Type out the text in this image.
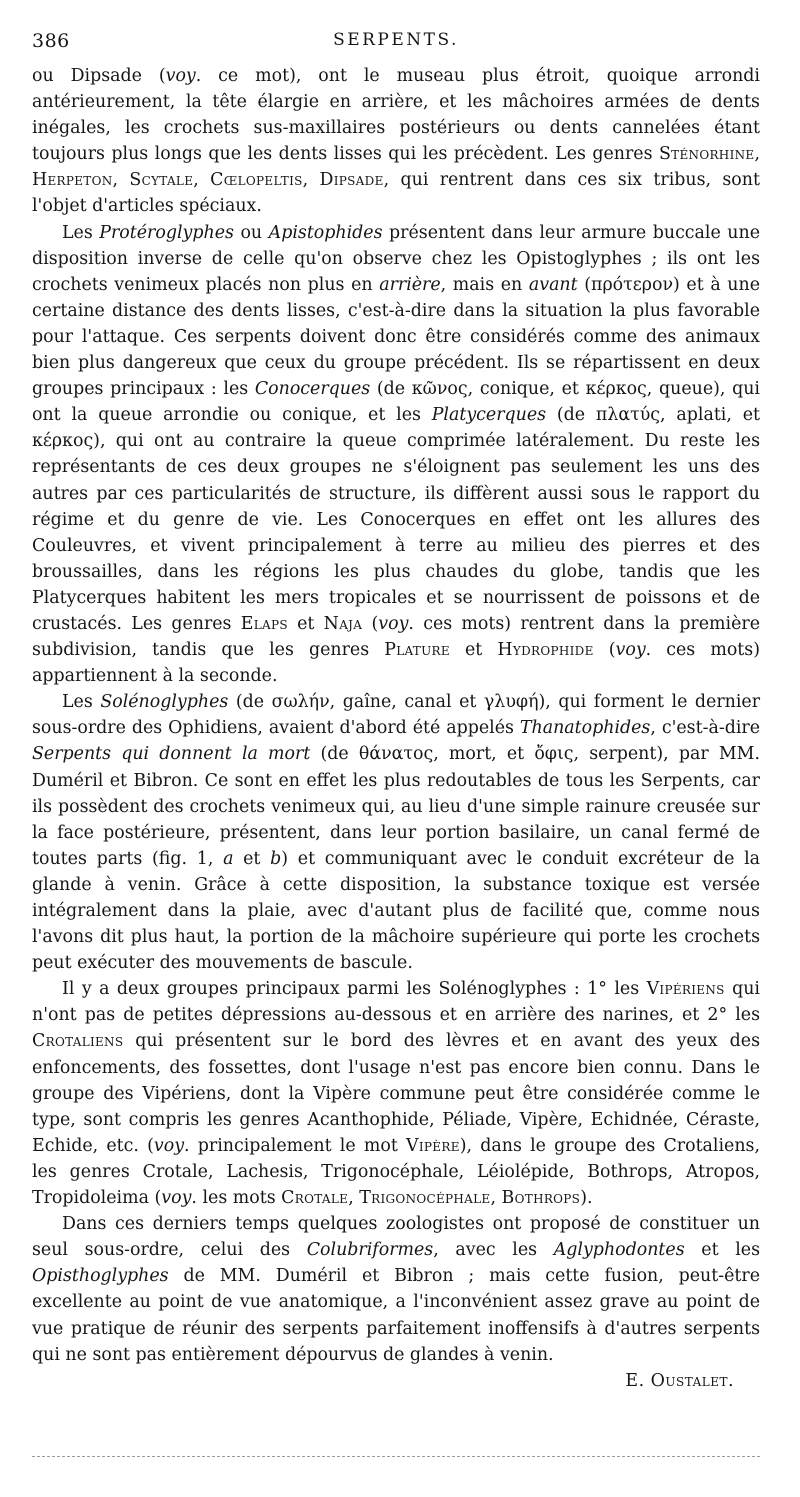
386	SERPENTS.

ou Dipsade (voy. ce mot), ont le museau plus étroit, quoique arrondi antérieurement, la tête élargie en arrière, et les mâchoires armées de dents inégales, les crochets sus-maxillaires postérieurs ou dents cannelées étant toujours plus longs que les dents lisses qui les précèdent. Les genres Sténorhine, Herpeton, Scytale, Cœlopeltis, Dipsade, qui rentrent dans ces six tribus, sont l'objet d'articles spéciaux.

Les Protéroglyphes ou Apistophides présentent dans leur armure buccale une disposition inverse de celle qu'on observe chez les Opistoglyphes ; ils ont les crochets venimeux placés non plus en arrière, mais en avant (πρότερον) et à une certaine distance des dents lisses, c'est-à-dire dans la situation la plus favorable pour l'attaque. Ces serpents doivent donc être considérés comme des animaux bien plus dangereux que ceux du groupe précédent. Ils se répartissent en deux groupes principaux : les Conocerques (de κῶνος, conique, et κέρκος, queue), qui ont la queue arrondie ou conique, et les Platycerques (de πλατύς, aplati, et κέρκος), qui ont au contraire la queue comprimée latéralement. Du reste les représentants de ces deux groupes ne s'éloignent pas seulement les uns des autres par ces particularités de structure, ils diffèrent aussi sous le rapport du régime et du genre de vie. Les Conocerques en effet ont les allures des Couleuvres, et vivent principalement à terre au milieu des pierres et des broussailles, dans les régions les plus chaudes du globe, tandis que les Platycerques habitent les mers tropicales et se nourrissent de poissons et de crustacés. Les genres Elaps et Naja (voy. ces mots) rentrent dans la première subdivision, tandis que les genres Plature et Hydrophide (voy. ces mots) appartiennent à la seconde.

Les Solénoglyphes (de σωλήν, gaîne, canal et γλυφή), qui forment le dernier sous-ordre des Ophidiens, avaient d'abord été appelés Thanatophides, c'est-à-dire Serpents qui donnent la mort (de θάνατος, mort, et ὄφις, serpent), par MM. Duméril et Bibron. Ce sont en effet les plus redoutables de tous les Serpents, car ils possèdent des crochets venimeux qui, au lieu d'une simple rainure creusée sur la face postérieure, présentent, dans leur portion basilaire, un canal fermé de toutes parts (fig. 1, a et b) et communiquant avec le conduit excréteur de la glande à venin. Grâce à cette disposition, la substance toxique est versée intégralement dans la plaie, avec d'autant plus de facilité que, comme nous l'avons dit plus haut, la portion de la mâchoire supérieure qui porte les crochets peut exécuter des mouvements de bascule.

Il y a deux groupes principaux parmi les Solénoglyphes : 1° les Vipériens qui n'ont pas de petites dépressions au-dessous et en arrière des narines, et 2° les Crotaliens qui présentent sur le bord des lèvres et en avant des yeux des enfoncements, des fossettes, dont l'usage n'est pas encore bien connu. Dans le groupe des Vipériens, dont la Vipère commune peut être considérée comme le type, sont compris les genres Acanthophide, Péliade, Vipère, Echidnée, Céraste, Echide, etc. (voy. principalement le mot Vipère), dans le groupe des Crotaliens, les genres Crotale, Lachesis, Trigonocéphale, Léiolépide, Bothrops, Atropos, Tropidoleima (voy. les mots Crotale, Trigonocéphale, Bothrops).

Dans ces derniers temps quelques zoologistes ont proposé de constituer un seul sous-ordre, celui des Colubriformes, avec les Aglyphodontes et les Opisthoglyphes de MM. Duméril et Bibron ; mais cette fusion, peut-être excellente au point de vue anatomique, a l'inconvénient assez grave au point de vue pratique de réunir des serpents parfaitement inoffensifs à d'autres serpents qui ne sont pas entièrement dépourvus de glandes à venin.

E. Oustalet.
